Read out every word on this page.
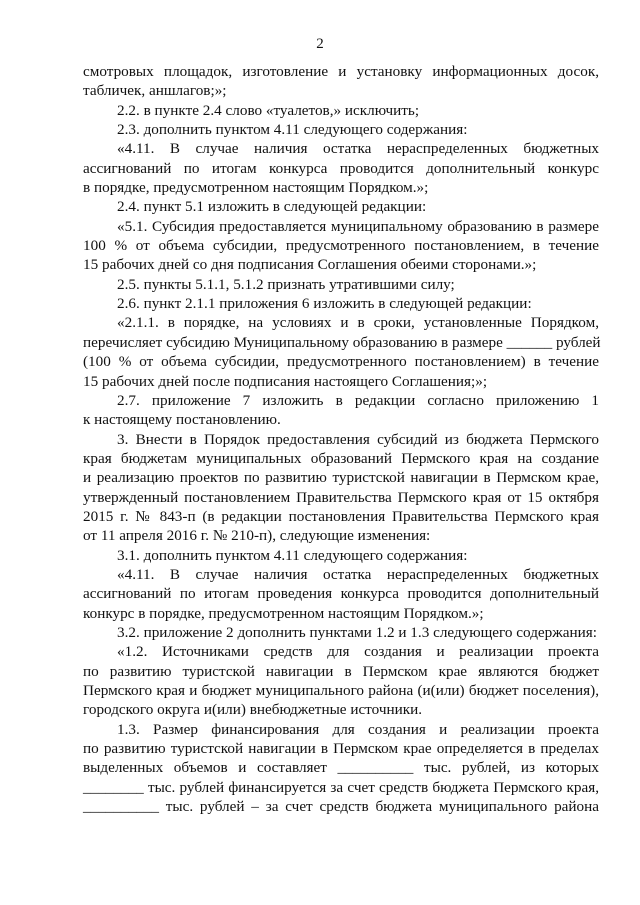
2
смотровых площадок, изготовление и установку информационных досок,
табличек, аншлагов;»;
2.2. в пункте 2.4 слово «туалетов,» исключить;
2.3. дополнить пунктом 4.11 следующего содержания:
«4.11. В случае наличия остатка нераспределенных бюджетных
ассигнований по итогам конкурса проводится дополнительный конкурс
в порядке, предусмотренном настоящим Порядком.»;
2.4. пункт 5.1 изложить в следующей редакции:
«5.1. Субсидия предоставляется муниципальному образованию в размере
100 % от объема субсидии, предусмотренного постановлением, в течение
15 рабочих дней со дня подписания Соглашения обеими сторонами.»;
2.5. пункты 5.1.1, 5.1.2 признать утратившими силу;
2.6. пункт 2.1.1 приложения 6 изложить в следующей редакции:
«2.1.1. в порядке, на условиях и в сроки, установленные Порядком,
перечисляет субсидию Муниципальному образованию в размере ______ рублей
(100 % от объема субсидии, предусмотренного постановлением) в течение
15 рабочих дней после подписания настоящего Соглашения;»;
2.7. приложение 7 изложить в редакции согласно приложению 1
к настоящему постановлению.
3. Внести в Порядок предоставления субсидий из бюджета Пермского
края бюджетам муниципальных образований Пермского края на создание
и реализацию проектов по развитию туристской навигации в Пермском крае,
утвержденный постановлением Правительства Пермского края от 15 октября
2015 г. № 843-п (в редакции постановления Правительства Пермского края
от 11 апреля 2016 г. № 210-п), следующие изменения:
3.1. дополнить пунктом 4.11 следующего содержания:
«4.11. В случае наличия остатка нераспределенных бюджетных
ассигнований по итогам проведения конкурса проводится дополнительный
конкурс в порядке, предусмотренном настоящим Порядком.»;
3.2. приложение 2 дополнить пунктами 1.2 и 1.3 следующего содержания:
«1.2. Источниками средств для создания и реализации проекта
по развитию туристской навигации в Пермском крае являются бюджет
Пермского края и бюджет муниципального района (и(или) бюджет поселения),
городского округа и(или) внебюджетные источники.
1.3. Размер финансирования для создания и реализации проекта
по развитию туристской навигации в Пермском крае определяется в пределах
выделенных объемов и составляет __________ тыс. рублей, из которых
________ тыс. рублей финансируется за счет средств бюджета Пермского края,
__________ тыс. рублей – за счет средств бюджета муниципального района
